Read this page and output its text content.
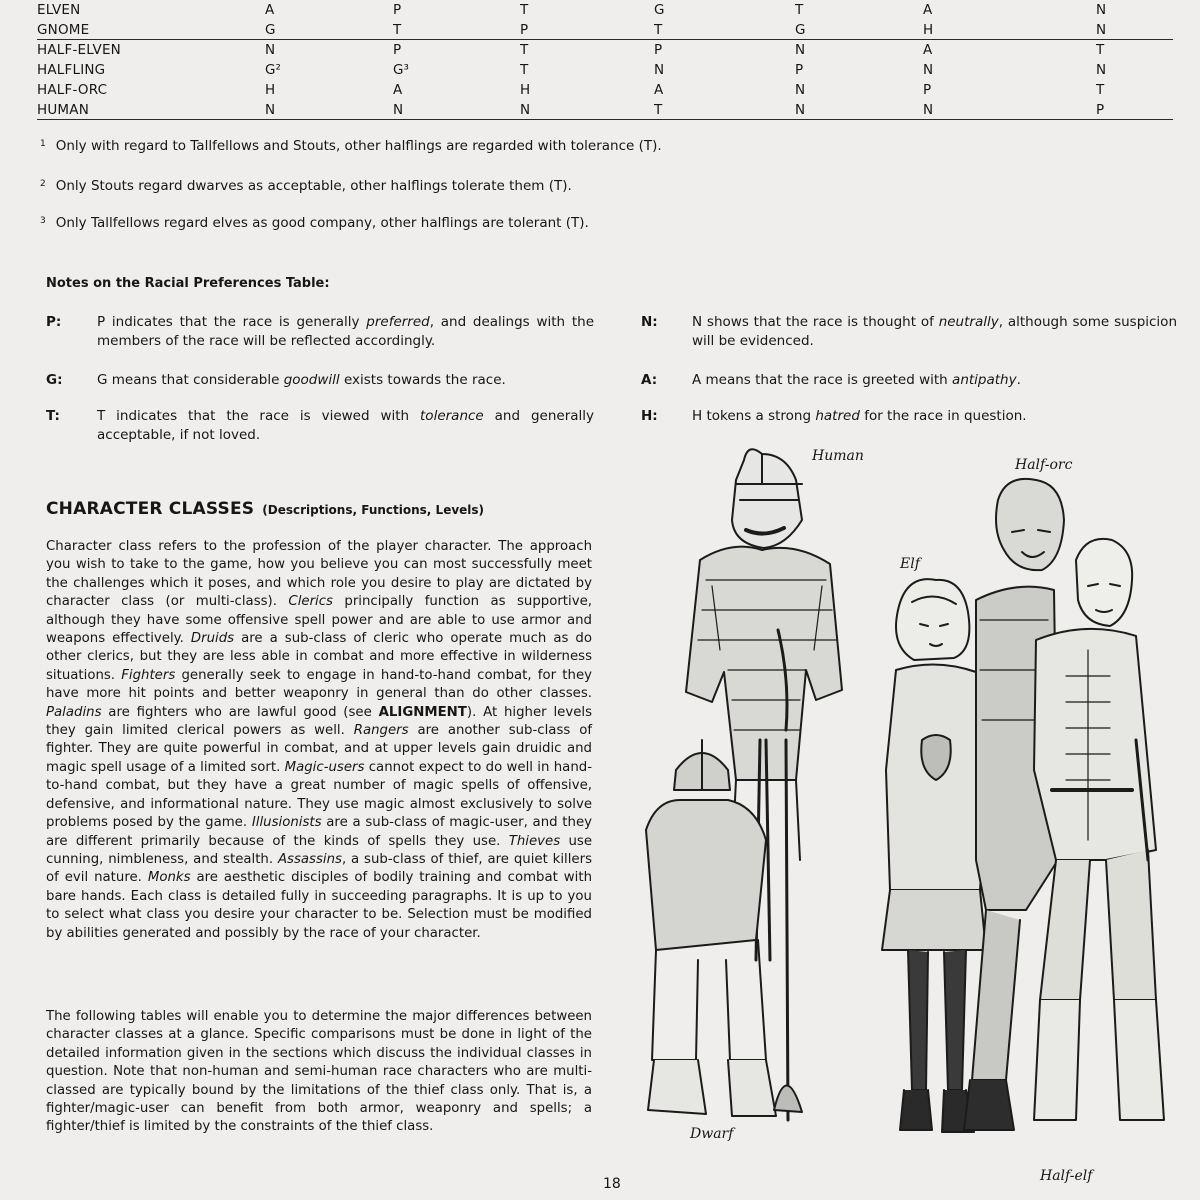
ELVEN	A	P	T	G	T	A	N
GNOME	G	T	P	T	G	H	N
HALF-ELVEN	N	P	T	P	N	A	T
HALFLING	G²	G³	T	N	P	N	N
HALF-ORC	H	A	H	A	N	P	T
HUMAN	N	N	N	T	N	N	P
$^1$ Only with regard to Tallfellows and Stouts, other halflings are regarded with tolerance (T).
$^2$ Only Stouts regard dwarves as acceptable, other halflings tolerate them (T).
$^3$ Only Tallfellows regard elves as good company, other halflings are tolerant (T).
Notes on the Racial Preferences Table:
P:	P indicates that the race is generally preferred, and dealings with the members of the race will be reflected accordingly.
G:	G means that considerable goodwill exists towards the race.
T:	T indicates that the race is viewed with tolerance and generally acceptable, if not loved.
N:	N shows that the race is thought of neutrally, although some suspicion will be evidenced.
A:	A means that the race is greeted with antipathy.
H:	H tokens a strong hatred for the race in question.
CHARACTER CLASSES (Descriptions, Functions, Levels)
Character class refers to the profession of the player character. The approach you wish to take to the game, how you believe you can most successfully meet the challenges which it poses, and which role you desire to play are dictated by character class (or multi-class). Clerics principally function as supportive, although they have some offensive spell power and are able to use armor and weapons effectively. Druids are a sub-class of cleric who operate much as do other clerics, but they are less able in combat and more effective in wilderness situations. Fighters generally seek to engage in hand-to-hand combat, for they have more hit points and better weaponry in general than do other classes. Paladins are fighters who are lawful good (see ALIGNMENT). At higher levels they gain limited clerical powers as well. Rangers are another sub-class of fighter. They are quite powerful in combat, and at upper levels gain druidic and magic spell usage of a limited sort. Magic-users cannot expect to do well in hand-to-hand combat, but they have a great number of magic spells of offensive, defensive, and informational nature. They use magic almost exclusively to solve problems posed by the game. Illusionists are a sub-class of magic-user, and they are different primarily because of the kinds of spells they use. Thieves use cunning, nimbleness, and stealth. Assassins, a sub-class of thief, are quiet killers of evil nature. Monks are aesthetic disciples of bodily training and combat with bare hands. Each class is detailed fully in succeeding paragraphs. It is up to you to select what class you desire your character to be. Selection must be modified by abilities generated and possibly by the race of your character.
The following tables will enable you to determine the major differences between character classes at a glance. Specific comparisons must be done in light of the detailed information given in the sections which discuss the individual classes in question. Note that non-human and semi-human race characters who are multi-classed are typically bound by the limitations of the thief class only. That is, a fighter/magic-user can benefit from both armor, weaponry and spells; a fighter/thief is limited by the constraints of the thief class.
Human
Half-orc
Elf
Dwarf
Half-elf
18
